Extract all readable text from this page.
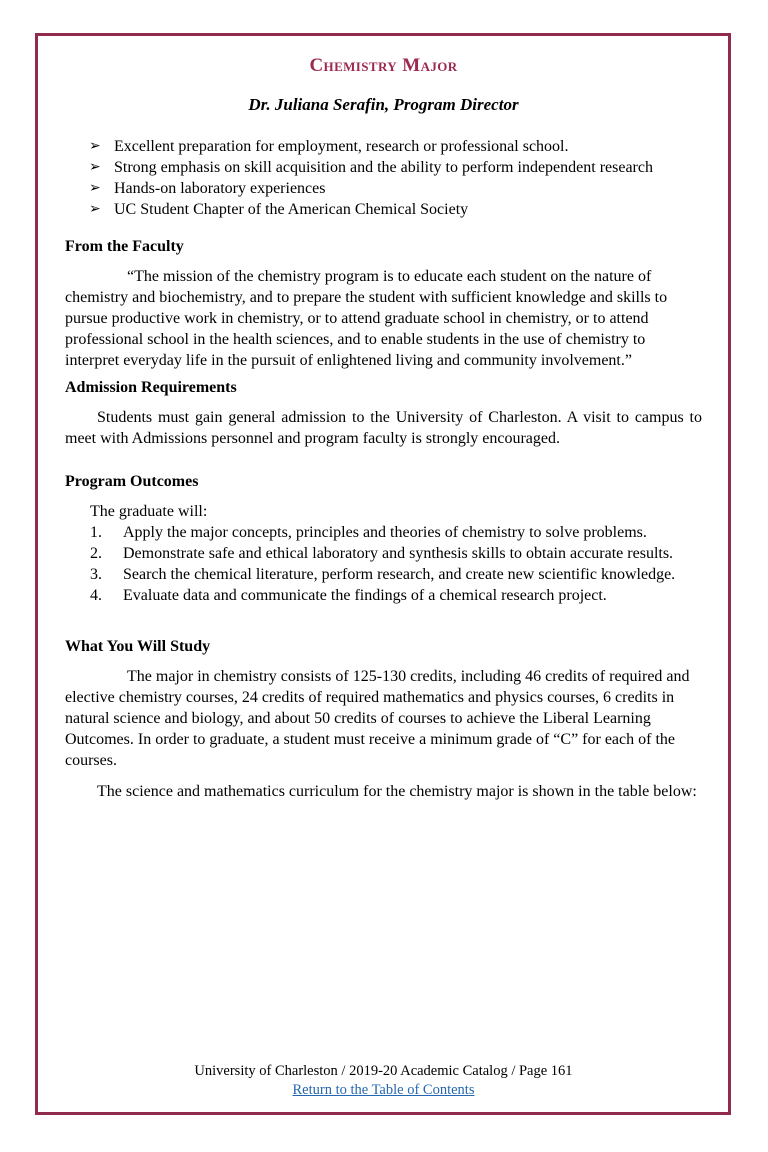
Chemistry Major

Dr. Juliana Serafin, Program Director

➢ Excellent preparation for employment, research or professional school.
➢ Strong emphasis on skill acquisition and the ability to perform independent research
➢ Hands-on laboratory experiences
➢ UC Student Chapter of the American Chemical Society
From the Faculty

“The mission of the chemistry program is to educate each student on the nature of chemistry and biochemistry, and to prepare the student with sufficient knowledge and skills to pursue productive work in chemistry, or to attend graduate school in chemistry, or to attend professional school in the health sciences, and to enable students in the use of chemistry to interpret everyday life in the pursuit of enlightened living and community involvement.”

Admission Requirements

Students must gain general admission to the University of Charleston. A visit to campus to meet with Admissions personnel and program faculty is strongly encouraged.

Program Outcomes

The graduate will:

Apply the major concepts, principles and theories of chemistry to solve problems.
Demonstrate safe and ethical laboratory and synthesis skills to obtain accurate results.
Search the chemical literature, perform research, and create new scientific knowledge.
Evaluate data and communicate the findings of a chemical research project.
What You Will Study

The major in chemistry consists of 125-130 credits, including 46 credits of required and elective chemistry courses, 24 credits of required mathematics and physics courses, 6 credits in natural science and biology, and about 50 credits of courses to achieve the Liberal Learning Outcomes. In order to graduate, a student must receive a minimum grade of “C” for each of the courses.

The science and mathematics curriculum for the chemistry major is shown in the table below:

University of Charleston / 2019-20 Academic Catalog / Page 161

Return to the Table of Contents
